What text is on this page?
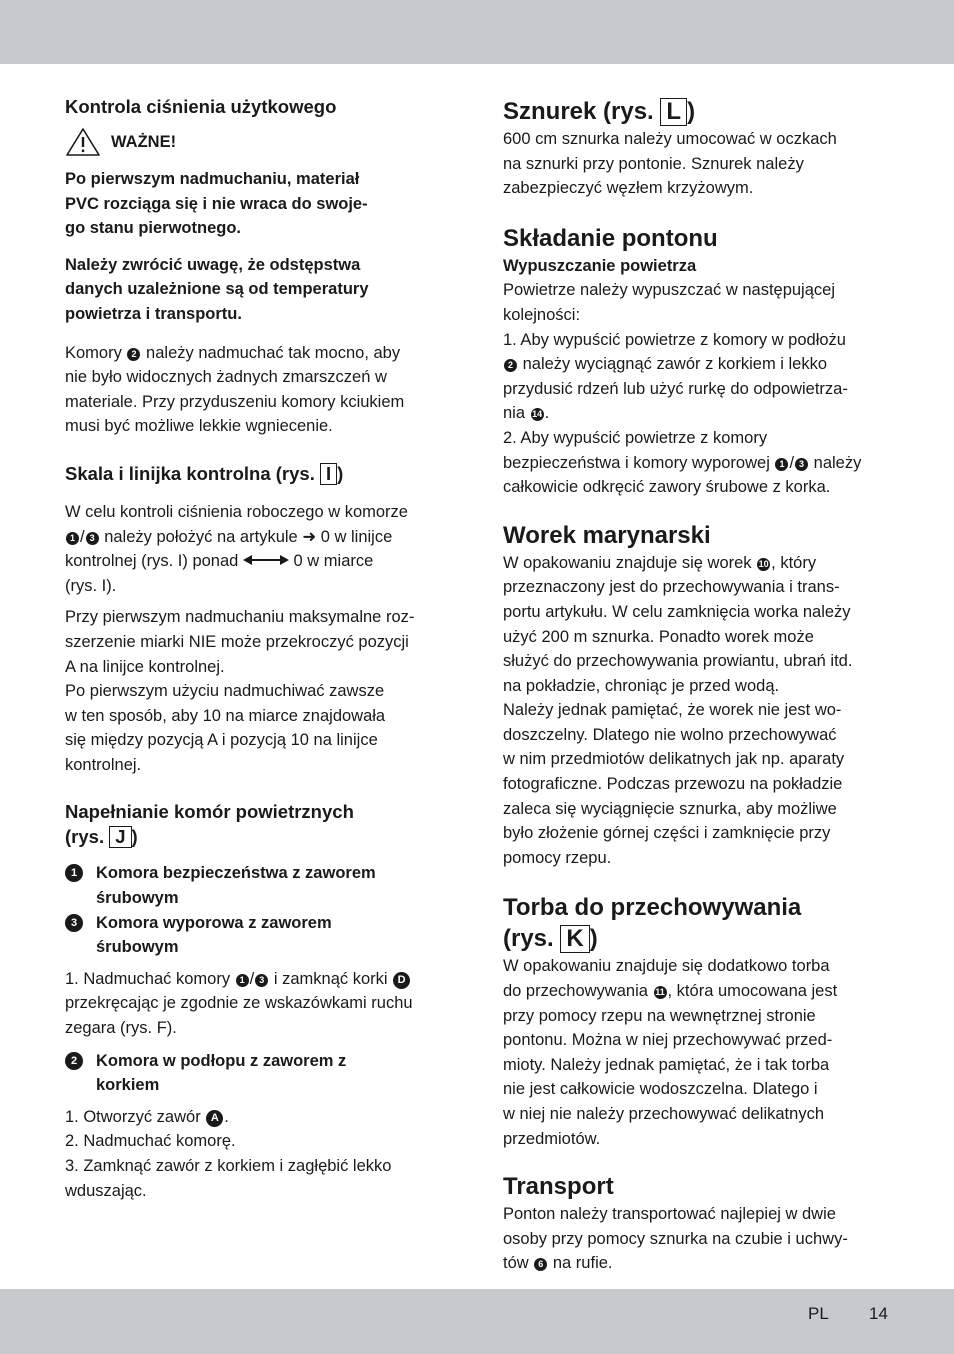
Kontrola ciśnienia użytkowego
WAŻNE!

Po pierwszym nadmuchaniu, materiał

PVC rozciąga się i nie wraca do swoje-

go stanu pierwotnego.

Należy zwrócić uwagę, że odstępstwa

danych uzależnione są od temperatury

powietrza i transportu.

Komory 2 należy nadmuchać tak mocno, aby

nie było widocznych żadnych zmarszczeń w

materiale. Przy przyduszeniu komory kciukiem

musi być możliwe lekkie wgniecenie.

Skala i linijka kontrolna (rys. I )

W celu kontroli ciśnienia roboczego w komorze

1 / 3 należy położyć na artykule ➜ 0 w linijce

kontrolnej (rys. I) ponad	0 w miarce

(rys. I).

Przy pierwszym nadmuchaniu maksymalne roz-

szerzenie miarki NIE może przekroczyć pozycji

A na linijce kontrolnej.

Po pierwszym użyciu nadmuchiwać zawsze

w ten sposób, aby 10 na miarce znajdowała

się między pozycją A i pozycją 10 na linijce

kontrolnej.

Napełnianie komór powietrznych
(rys. J )
1	Komora bezpieczeństwa z zaworem

śrubowym

3	Komora wyporowa z zaworem

śrubowym

1. Nadmuchać komory 1 / 3 i zamknąć korki D

przekręcając je zgodnie ze wskazówkami ruchu

zegara (rys. F).

2	Komora w podłopu z zaworem z

korkiem

1. Otworzyć zawór A .

2. Nadmuchać komorę.

3. Zamknąć zawór z korkiem i zagłębić lekko

wduszając.

Sznurek (rys. L )

600 cm sznurka należy umocować w oczkach

na sznurki przy pontonie. Sznurek należy

zabezpieczyć węzłem krzyżowym.

Składanie pontonu

Wypuszczanie powietrza

Powietrze należy wypuszczać w następującej

kolejności:

1. Aby wypuścić powietrze z komory w podłożu

2 należy wyciągnąć zawór z korkiem i lekko

przydusić rdzeń lub użyć rurkę do odpowietrza-

nia 14 .

2. Aby wypuścić powietrze z komory

bezpieczeństwa i komory wyporowej 1 / 3 należy

całkowicie odkręcić zawory śrubowe z korka.

Worek marynarski

W opakowaniu znajduje się worek 10 , który

przeznaczony jest do przechowywania i trans-

portu artykułu. W celu zamknięcia worka należy

użyć 200 m sznurka. Ponadto worek może

służyć do przechowywania prowiantu, ubrań itd.

na pokładzie, chroniąc je przed wodą.

Należy jednak pamiętać, że worek nie jest wo-

doszczelny. Dlatego nie wolno przechowywać

w nim przedmiotów delikatnych jak np. aparaty

fotograficzne. Podczas przewozu na pokładzie

zaleca się wyciągnięcie sznurka, aby możliwe

było złożenie górnej części i zamknięcie przy

pomocy rzepu.

Torba do przechowywania
(rys. K )

W opakowaniu znajduje się dodatkowo torba

do przechowywania 11 , która umocowana jest

przy pomocy rzepu na wewnętrznej stronie

pontonu. Można w niej przechowywać przed-

mioty. Należy jednak pamiętać, że i tak torba

nie jest całkowicie wodoszczelna. Dlatego i

w niej nie należy przechowywać delikatnych

przedmiotów.

Transport

Ponton należy transportować najlepiej w dwie

osoby przy pomocy sznurka na czubie i uchwy-

tów 6 na rufie.

PL 14
